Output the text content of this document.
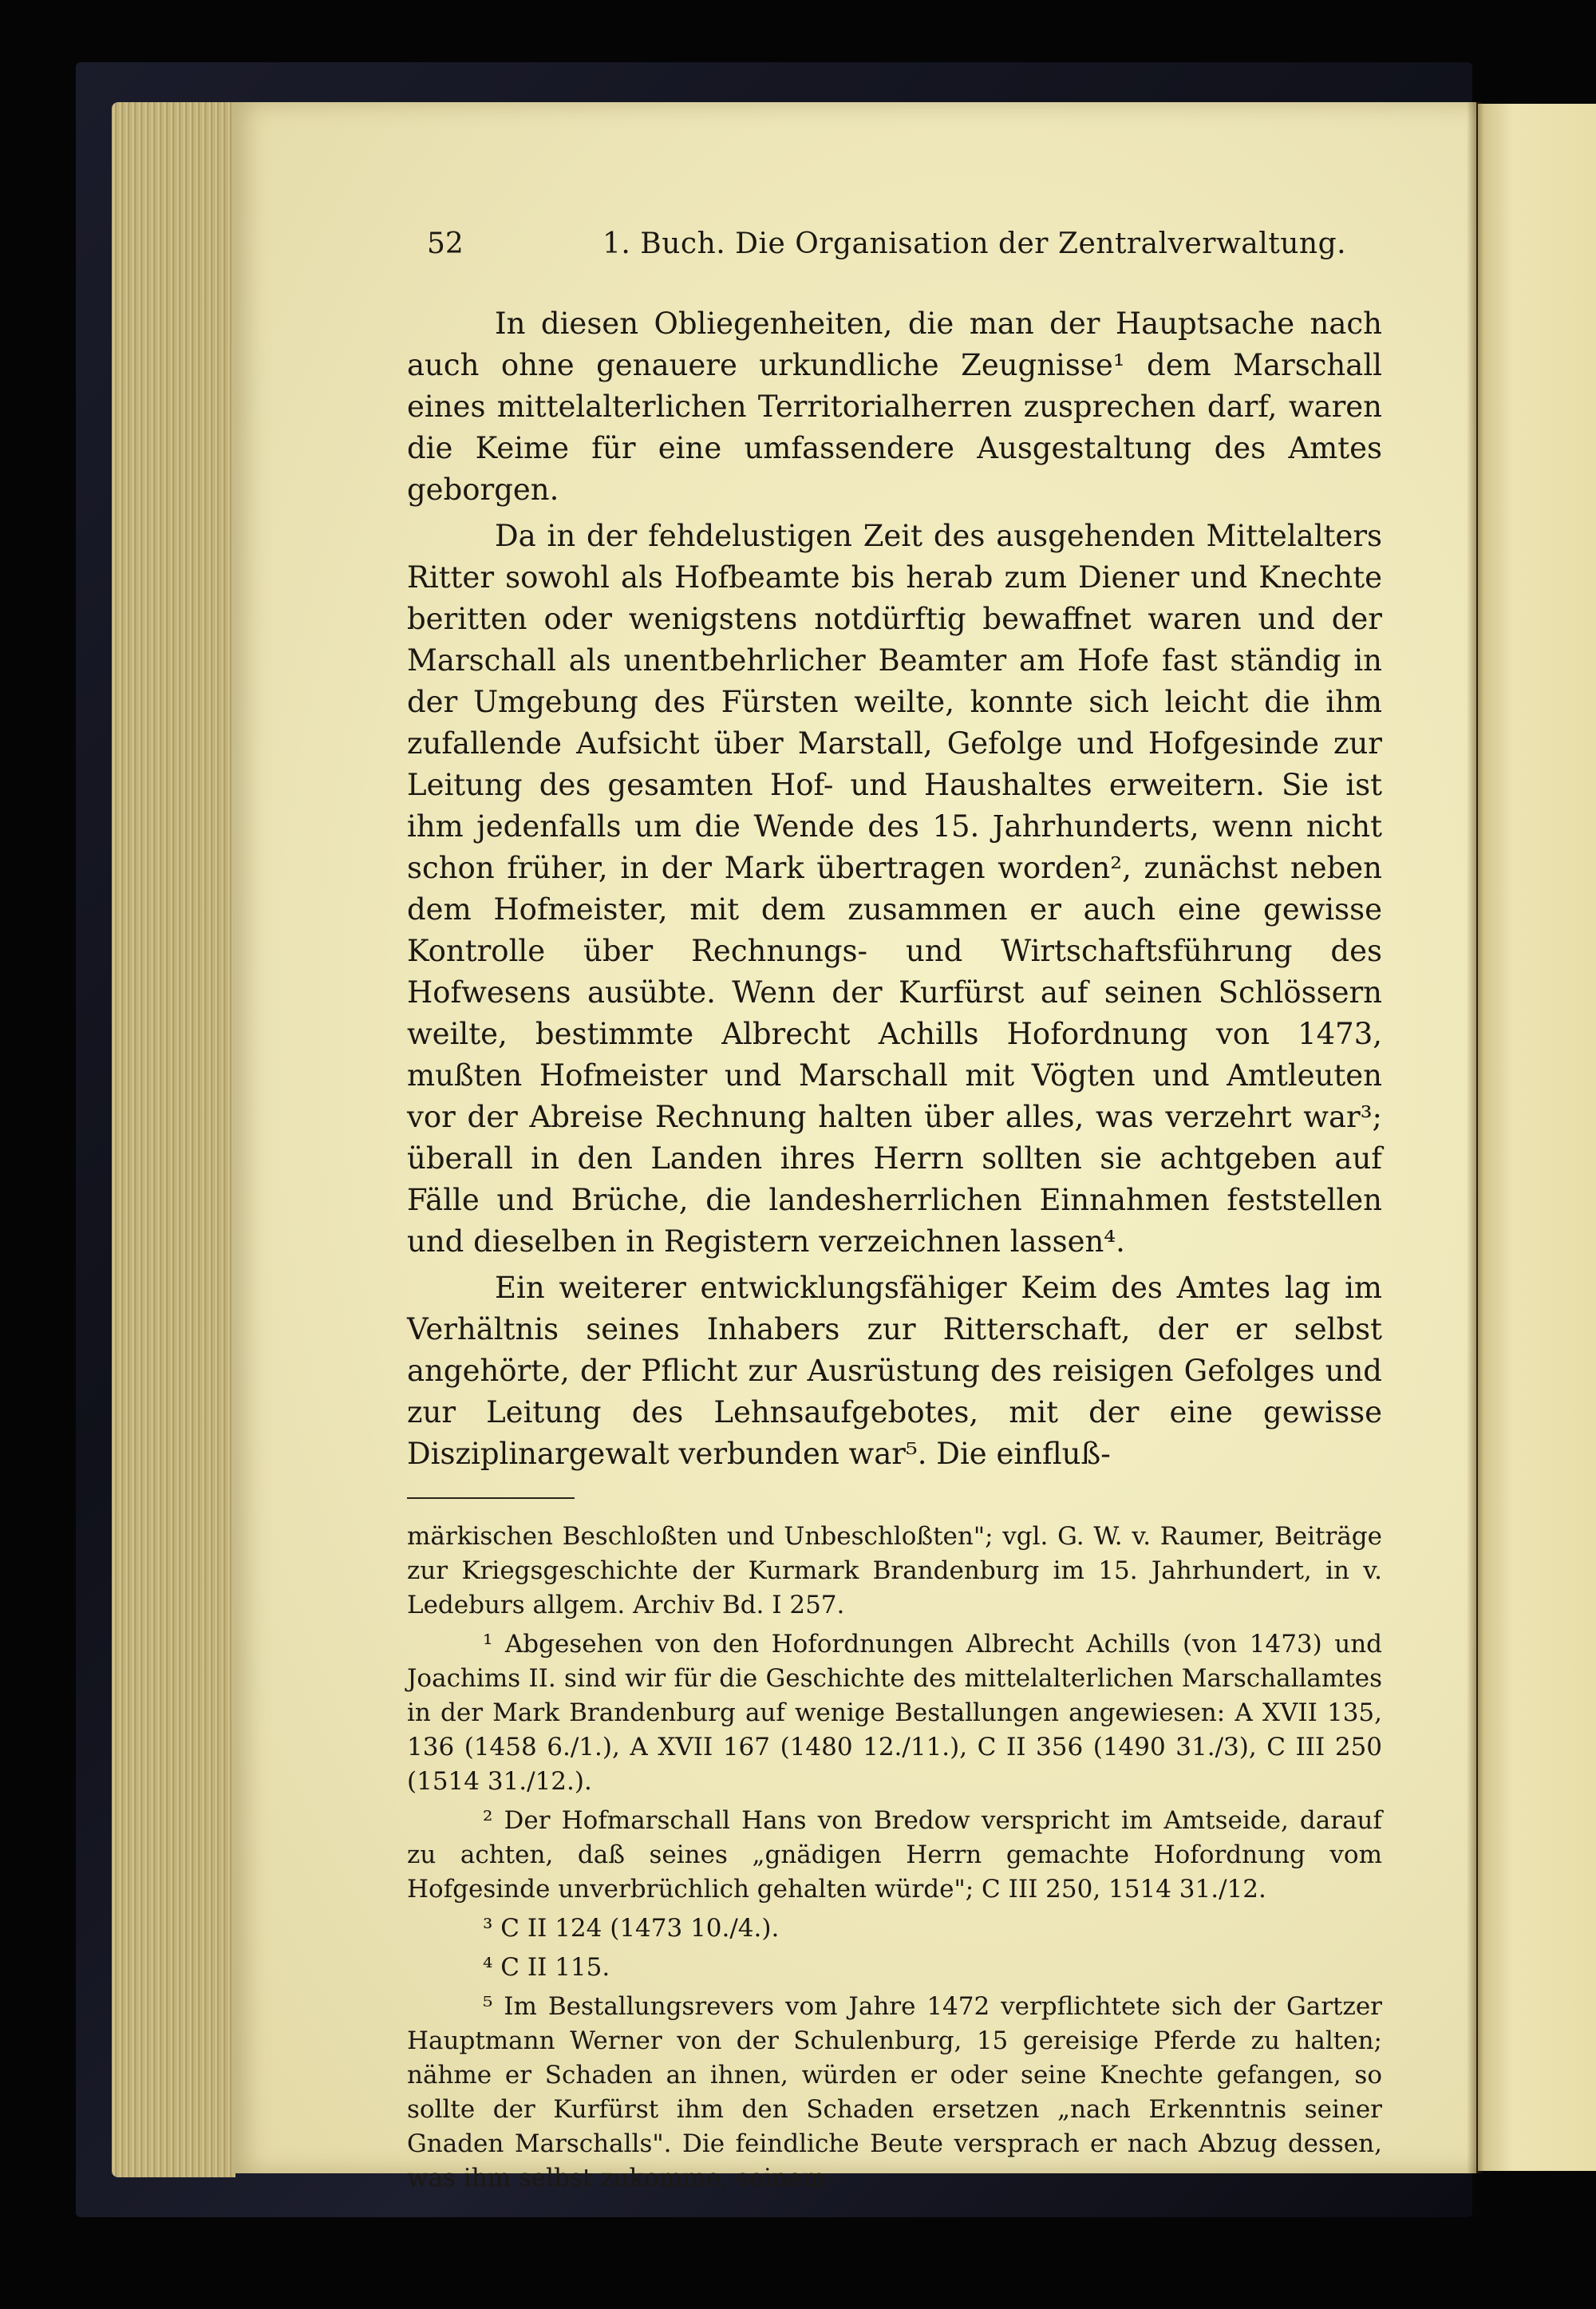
52	1. Buch. Die Organisation der Zentralverwaltung.

In diesen Obliegenheiten, die man der Hauptsache nach auch ohne genauere urkundliche Zeugnisse¹ dem Marschall eines mittelalterlichen Territorialherren zusprechen darf, waren die Keime für eine umfassendere Ausgestaltung des Amtes geborgen.

Da in der fehdelustigen Zeit des ausgehenden Mittelalters Ritter sowohl als Hofbeamte bis herab zum Diener und Knechte beritten oder wenigstens notdürftig bewaffnet waren und der Marschall als unentbehrlicher Beamter am Hofe fast ständig in der Umgebung des Fürsten weilte, konnte sich leicht die ihm zufallende Aufsicht über Marstall, Gefolge und Hofgesinde zur Leitung des gesamten Hof- und Haushaltes erweitern. Sie ist ihm jedenfalls um die Wende des 15. Jahrhunderts, wenn nicht schon früher, in der Mark übertragen worden², zunächst neben dem Hofmeister, mit dem zusammen er auch eine gewisse Kontrolle über Rechnungs- und Wirtschaftsführung des Hofwesens ausübte. Wenn der Kurfürst auf seinen Schlössern weilte, bestimmte Albrecht Achills Hofordnung von 1473, mußten Hofmeister und Marschall mit Vögten und Amtleuten vor der Abreise Rechnung halten über alles, was verzehrt war³; überall in den Landen ihres Herrn sollten sie achtgeben auf Fälle und Brüche, die landesherrlichen Einnahmen feststellen und dieselben in Registern verzeichnen lassen⁴.

Ein weiterer entwicklungsfähiger Keim des Amtes lag im Verhältnis seines Inhabers zur Ritterschaft, der er selbst angehörte, der Pflicht zur Ausrüstung des reisigen Gefolges und zur Leitung des Lehnsaufgebotes, mit der eine gewisse Disziplinargewalt verbunden war⁵. Die einfluß-

märkischen Beschloßten und Unbeschloßten"; vgl. G. W. v. Raumer, Beiträge zur Kriegsgeschichte der Kurmark Brandenburg im 15. Jahrhundert, in v. Ledeburs allgem. Archiv Bd. I 257.

¹ Abgesehen von den Hofordnungen Albrecht Achills (von 1473) und Joachims II. sind wir für die Geschichte des mittelalterlichen Marschallamtes in der Mark Brandenburg auf wenige Bestallungen angewiesen: A XVII 135, 136 (1458 6./1.), A XVII 167 (1480 12./11.), C II 356 (1490 31./3), C III 250 (1514 31./12.).

² Der Hofmarschall Hans von Bredow verspricht im Amtseide, darauf zu achten, daß seines „gnädigen Herrn gemachte Hofordnung vom Hofgesinde unverbrüchlich gehalten würde"; C III 250, 1514 31./12.

³ C II 124 (1473 10./4.).

⁴ C II 115.

⁵ Im Bestallungsrevers vom Jahre 1472 verpflichtete sich der Gartzer Hauptmann Werner von der Schulenburg, 15 gereisige Pferde zu halten; nähme er Schaden an ihnen, würden er oder seine Knechte gefangen, so sollte der Kurfürst ihm den Schaden ersetzen „nach Erkenntnis seiner Gnaden Marschalls". Die feindliche Beute versprach er nach Abzug dessen, was ihm selbst zukomme, seinem
